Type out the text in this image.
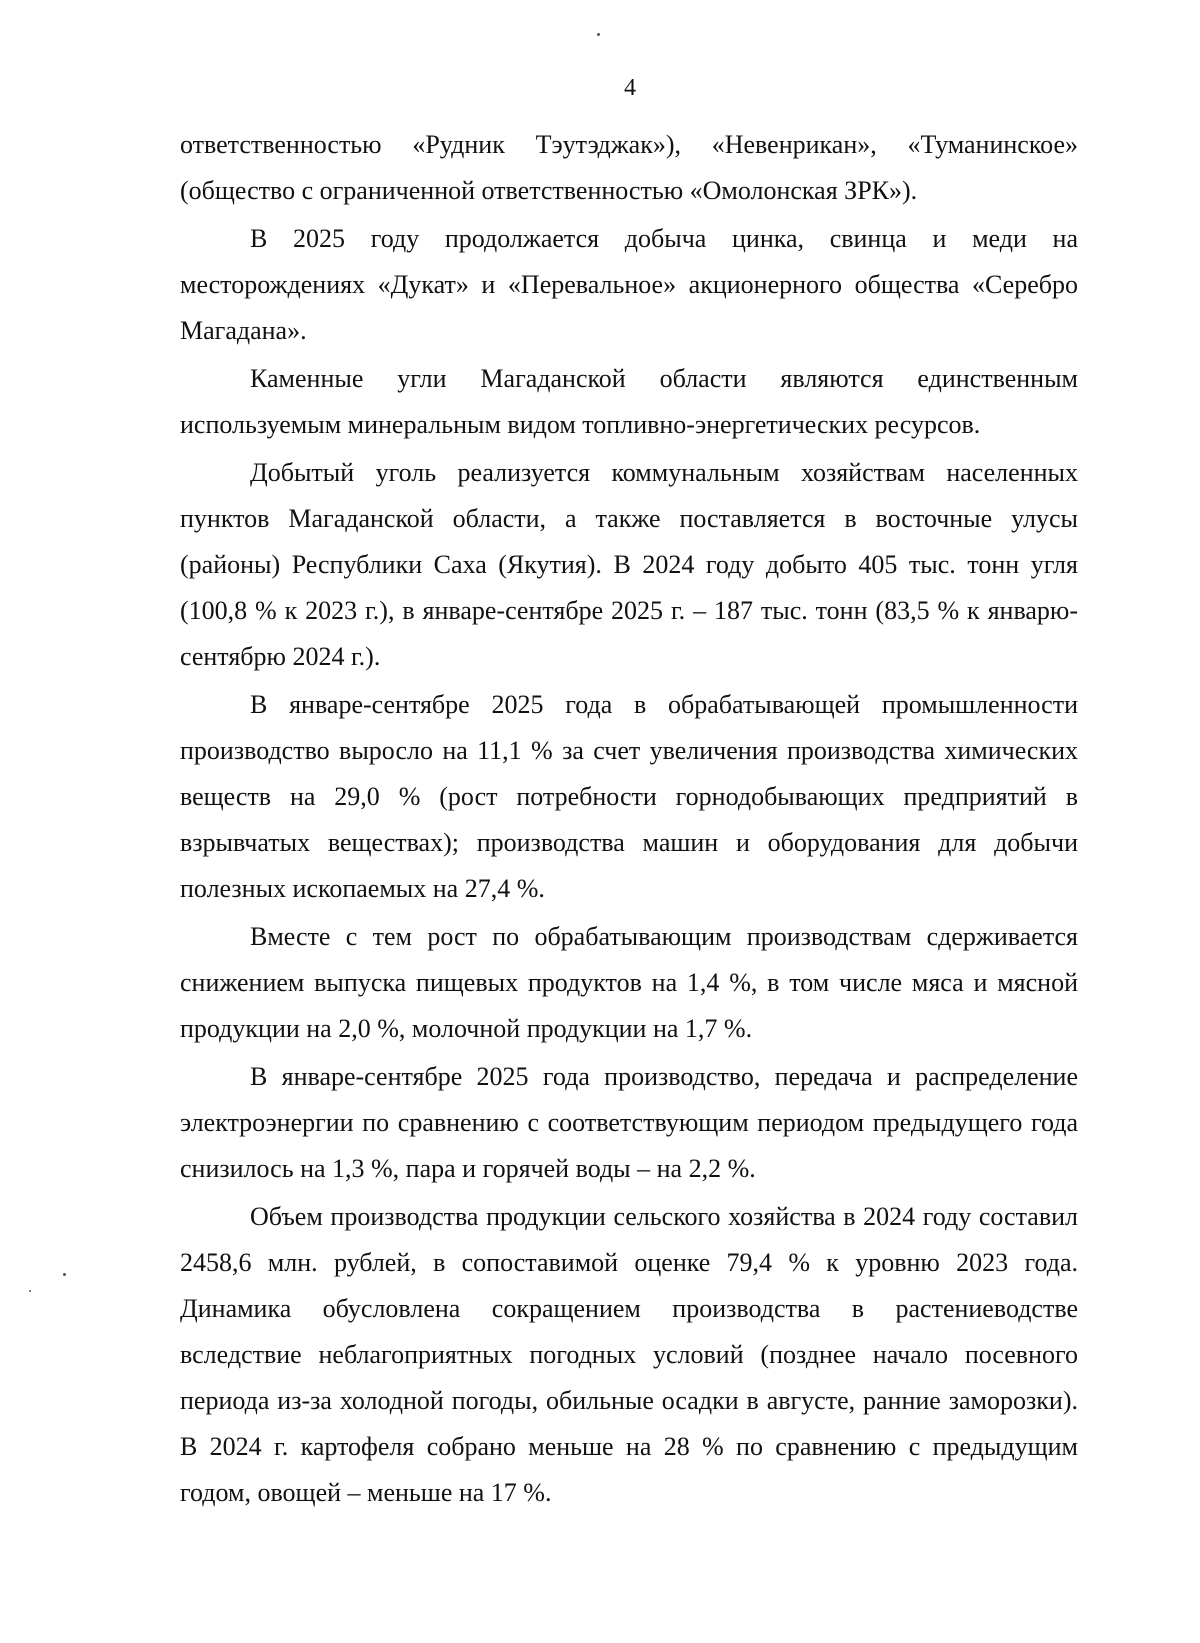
4

ответственностью «Рудник Тэутэджак»), «Невенрикан», «Туманинское» (общество с ограниченной ответственностью «Омолонская ЗРК»).

В 2025 году продолжается добыча цинка, свинца и меди на месторождениях «Дукат» и «Перевальное» акционерного общества «Серебро Магадана».

Каменные угли Магаданской области являются единственным используемым минеральным видом топливно-энергетических ресурсов.

Добытый уголь реализуется коммунальным хозяйствам населенных пунктов Магаданской области, а также поставляется в восточные улусы (районы) Республики Саха (Якутия). В 2024 году добыто 405 тыс. тонн угля (100,8 % к 2023 г.), в январе-сентябре 2025 г. – 187 тыс. тонн (83,5 % к январю-сентябрю 2024 г.).

В январе-сентябре 2025 года в обрабатывающей промышленности производство выросло на 11,1 % за счет увеличения производства химических веществ на 29,0 % (рост потребности горнодобывающих предприятий в взрывчатых веществах); производства машин и оборудования для добычи полезных ископаемых на 27,4 %.

Вместе с тем рост по обрабатывающим производствам сдерживается снижением выпуска пищевых продуктов на 1,4 %, в том числе мяса и мясной продукции на 2,0 %, молочной продукции на 1,7 %.

В январе-сентябре 2025 года производство, передача и распределение электроэнергии по сравнению с соответствующим периодом предыдущего года снизилось на 1,3 %, пара и горячей воды – на 2,2 %.

Объем производства продукции сельского хозяйства в 2024 году составил 2458,6 млн. рублей, в сопоставимой оценке 79,4 % к уровню 2023 года. Динамика обусловлена сокращением производства в растениеводстве вследствие неблагоприятных погодных условий (позднее начало посевного периода из-за холодной погоды, обильные осадки в августе, ранние заморозки). В 2024 г. картофеля собрано меньше на 28 % по сравнению с предыдущим годом, овощей – меньше на 17 %.
